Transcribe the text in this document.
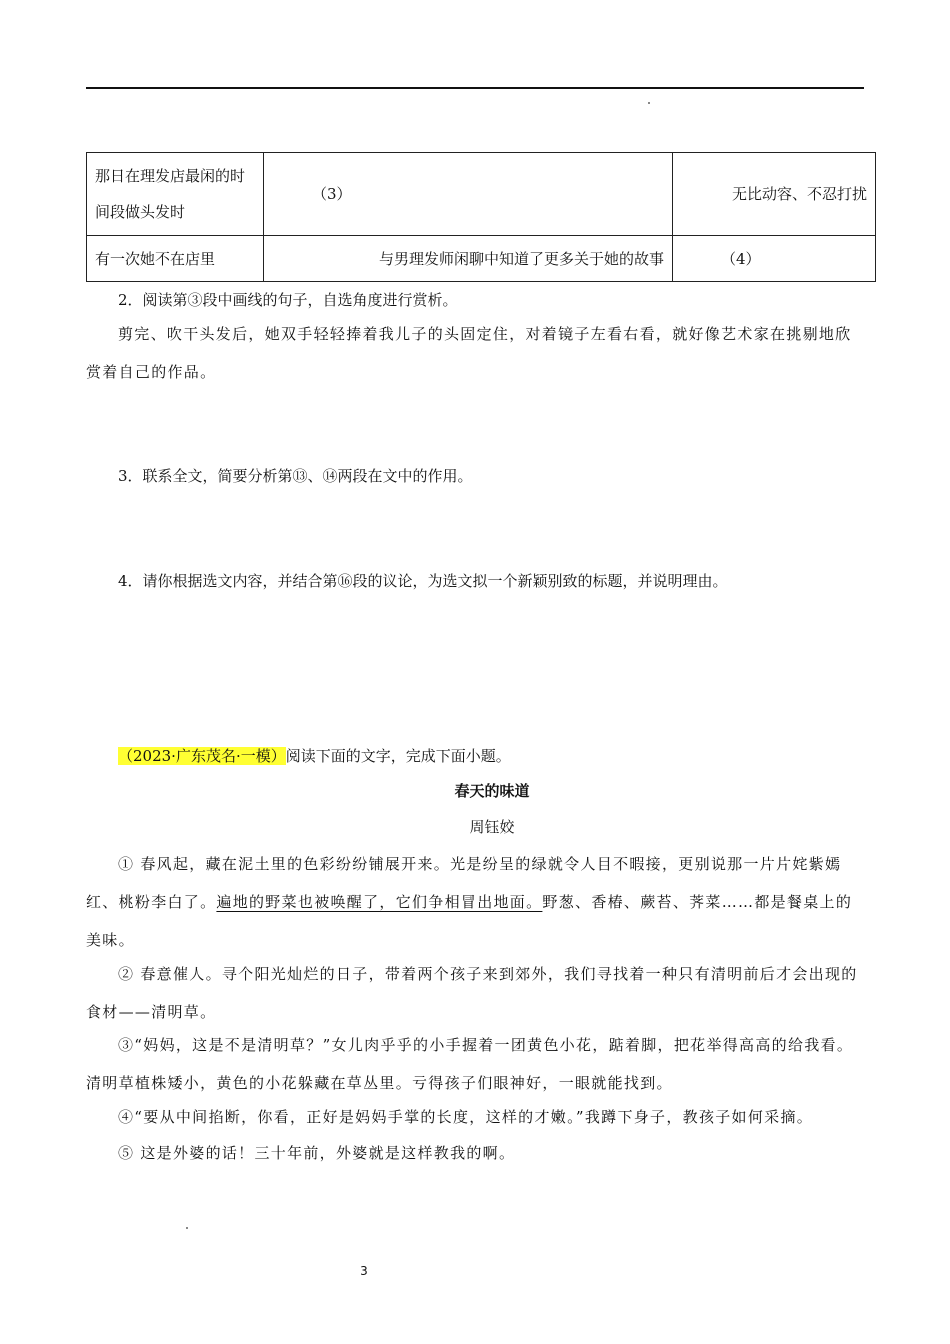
那日在理发店最闲的时间段做头发时	（3）	无比动容、不忍打扰
有一次她不在店里	与男理发师闲聊中知道了更多关于她的故事	（4）
2．阅读第③段中画线的句子，自选角度进行赏析。
剪完、吹干头发后，她双手轻轻捧着我儿子的头固定住，对着镜子左看右看，就好像艺术家在挑剔地欣赏着自己的作品。
3．联系全文，简要分析第⑬、⑭两段在文中的作用。
4．请你根据选文内容，并结合第⑯段的议论，为选文拟一个新颖别致的标题，并说明理由。
（2023·广东茂名·一模）阅读下面的文字，完成下面小题。
春天的味道
周钰姣
① 春风起，藏在泥土里的色彩纷纷铺展开来。光是纷呈的绿就令人目不暇接，更别说那一片片姹紫嫣红、桃粉李白了。遍地的野菜也被唤醒了，它们争相冒出地面。野葱、香椿、蕨苔、荠菜……都是餐桌上的美味。
② 春意催人。寻个阳光灿烂的日子，带着两个孩子来到郊外，我们寻找着一种只有清明前后才会出现的食材——清明草。
③“妈妈，这是不是清明草？”女儿肉乎乎的小手握着一团黄色小花，踮着脚，把花举得高高的给我看。清明草植株矮小，黄色的小花躲藏在草丛里。亏得孩子们眼神好，一眼就能找到。
④“要从中间掐断，你看，正好是妈妈手掌的长度，这样的才嫩。”我蹲下身子，教孩子如何采摘。
⑤ 这是外婆的话！三十年前，外婆就是这样教我的啊。
3
